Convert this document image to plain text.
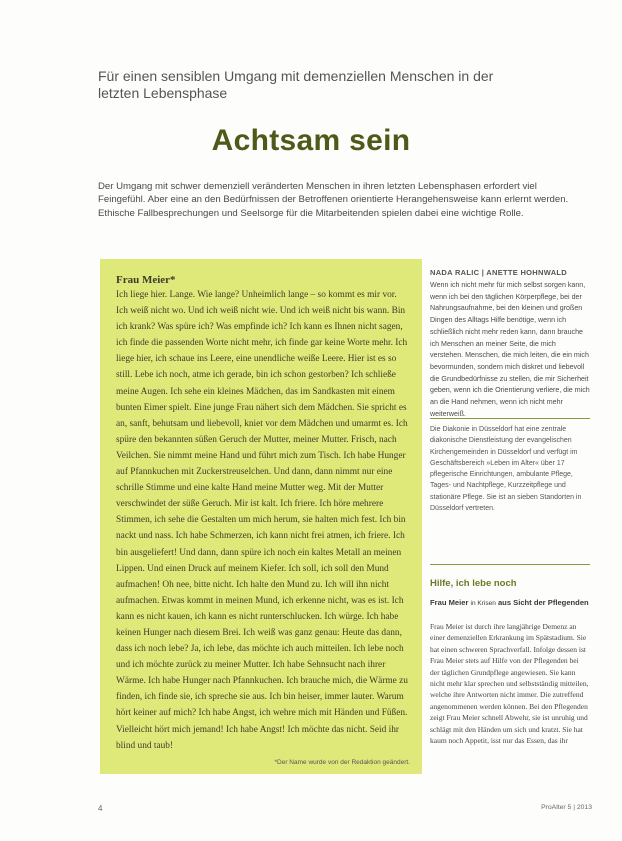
Für einen sensiblen Umgang mit demenziellen Menschen in der letzten Lebensphase
Achtsam sein
Der Umgang mit schwer demenziell veränderten Menschen in ihren letzten Lebensphasen erfordert viel Feingefühl. Aber eine an den Bedürfnissen der Betroffenen orientierte Herangehensweise kann erlernt werden. Ethische Fallbesprechungen und Seelsorge für die Mitarbeitenden spielen dabei eine wichtige Rolle.
Frau Meier*
Ich liege hier. Lange. Wie lange? Unheimlich lange – so kommt es mir vor. Ich weiß nicht wo. Und ich weiß nicht wie. Und ich weiß nicht bis wann. Bin ich krank? Was spüre ich? Was empfinde ich? Ich kann es Ihnen nicht sagen, ich finde die passenden Worte nicht mehr, ich finde gar keine Worte mehr. Ich liege hier, ich schaue ins Leere, eine unendliche weiße Leere. Hier ist es so still. Lebe ich noch, atme ich gerade, bin ich schon gestorben? Ich schließe meine Augen. Ich sehe ein kleines Mädchen, das im Sandkasten mit einem bunten Eimer spielt. Eine junge Frau nähert sich dem Mädchen. Sie spricht es an, sanft, behutsam und liebevoll, kniet vor dem Mädchen und umarmt es. Ich spüre den bekannten süßen Geruch der Mutter, meiner Mutter. Frisch, nach Veilchen. Sie nimmt meine Hand und führt mich zum Tisch. Ich habe Hunger auf Pfannkuchen mit Zuckerstreuselchen. Und dann, dann nimmt nur eine schrille Stimme und eine kalte Hand meine Mutter weg. Mit der Mutter verschwindet der süße Geruch. Mir ist kalt. Ich friere. Ich höre mehrere Stimmen, ich sehe die Gestalten um mich herum, sie halten mich fest. Ich bin nackt und nass. Ich habe Schmerzen, ich kann nicht frei atmen, ich friere. Ich bin ausgeliefert! Und dann, dann spüre ich noch ein kaltes Metall an meinen Lippen. Und einen Druck auf meinem Kiefer. Ich soll, ich soll den Mund aufmachen! Oh nee, bitte nicht. Ich halte den Mund zu. Ich will ihn nicht aufmachen. Etwas kommt in meinen Mund, ich erkenne nicht, was es ist. Ich kann es nicht kauen, ich kann es nicht runterschlucken. Ich würge. Ich habe keinen Hunger nach diesem Brei. Ich weiß was ganz genau: Heute das dann, dass ich noch lebe? Ja, ich lebe, das möchte ich auch mitteilen. Ich lebe noch und ich möchte zurück zu meiner Mutter. Ich habe Sehnsucht nach ihrer Wärme. Ich habe Hunger nach Pfannkuchen. Ich brauche mich, die Wärme zu finden, ich finde sie, ich spreche sie aus. Ich bin heiser, immer lauter. Warum hört keiner auf mich? Ich habe Angst, ich wehre mich mit Händen und Füßen. Vielleicht hört mich jemand! Ich habe Angst! Ich möchte das nicht. Seid ihr blind und taub!
*Der Name wurde von der Redaktion geändert.
NADA RALIC | ANETTE HOHNWALD
Wenn ich nicht mehr für mich selbst sorgen kann, wenn ich bei den täglichen Körperpflege, bei der Nahrungsaufnahme, bei den kleinen und großen Dingen des Alltags Hilfe benötige, wenn ich schließlich nicht mehr reden kann, dann brauche ich Menschen an meiner Seite, die mich verstehen. Menschen, die mich leiten, die ein mich bevormunden, sondern mich diskret und liebevoll die Grundbedürfnisse zu stellen, die mir Sicherheit geben, wenn ich die Orientierung verliere, die mich an die Hand nehmen, wenn ich nicht mehr weiterweiß.
Die Diakonie in Düsseldorf hat eine zentrale diakonische Dienstleistung der evangelischen Kirchengemeinden in Düsseldorf und verfügt im Geschäftsbereich »Leben im Alter« über 17 pflegerische Einrichtungen, ambulante Pflege, Tages- und Nachtpflege, Kurzzeitpflege und stationäre Pflege. Sie ist an sieben Standorten in Düsseldorf vertreten.
Hilfe, ich lebe noch
Frau Meier in Krisen aus Sicht der Pflegenden
Frau Meier ist durch ihre langjährige Demenz an einer demenziellen Erkrankung im Spätstadium. Sie hat einen schweren Sprachverfall. Infolge dessen ist Frau Meier stets auf Hilfe von der Pflegenden bei der täglichen Grundpflege angewiesen. Sie kann nicht mehr klar sprechen und selbstständig mitteilen, welche ihre Antworten nicht immer. Die zutreffend angenommenen werden können. Bei den Pflegenden zeigt Frau Meier schnell Abwehr, sie ist unruhig und schlägt mit den Händen um sich und kratzt. Sie hat kaum noch Appetit, isst nur das Essen, das ihr
4	ProAlter 5 | 2013
